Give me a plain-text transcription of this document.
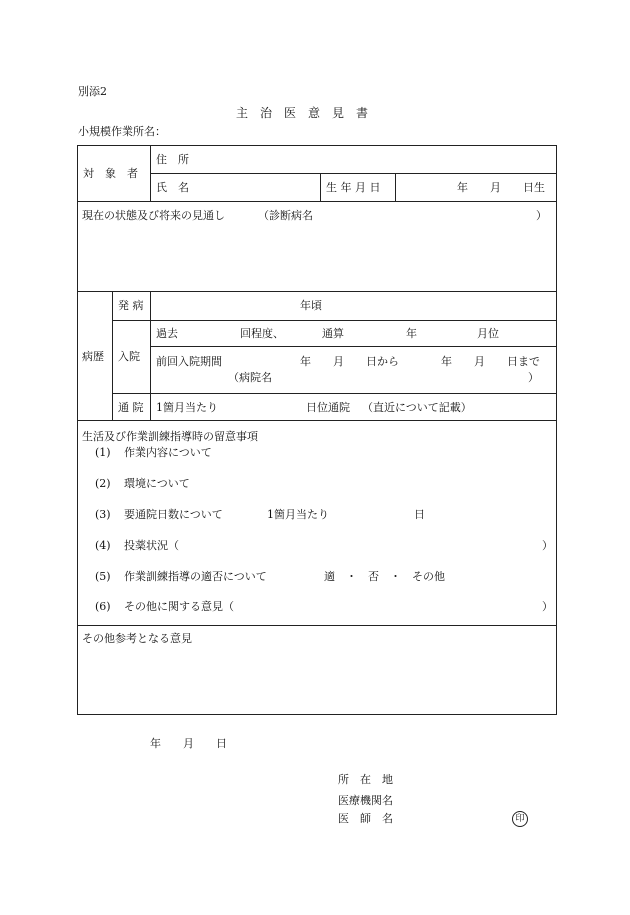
別添2
主　治　医　意　見　書
小規模作業所名：
対　象　者
住　所
氏　名	生 年 月 日	年　　月　　日生
現在の状態及び将来の見通し	（診断病名	）
病歴
発 病	年頃
入院
過去	回程度、	通算	年	月位
前回入院期間	年　　月　　日から	年　　月　　日まで
（病院名	）
通 院 1箇月当たり	日位通院 （直近について記載）
生活及び作業訓練指導時の留意事項
(1) 作業内容について
(2) 環境について
(3) 要通院日数について	1箇月当たり	日
(4) 投薬状況（	）
(5) 作業訓練指導の適否について	適　・　否　・　その他
(6) その他に関する意見（	）
その他参考となる意見
年　　月　　日
所　在　地
医療機関名
医　師　名	印
